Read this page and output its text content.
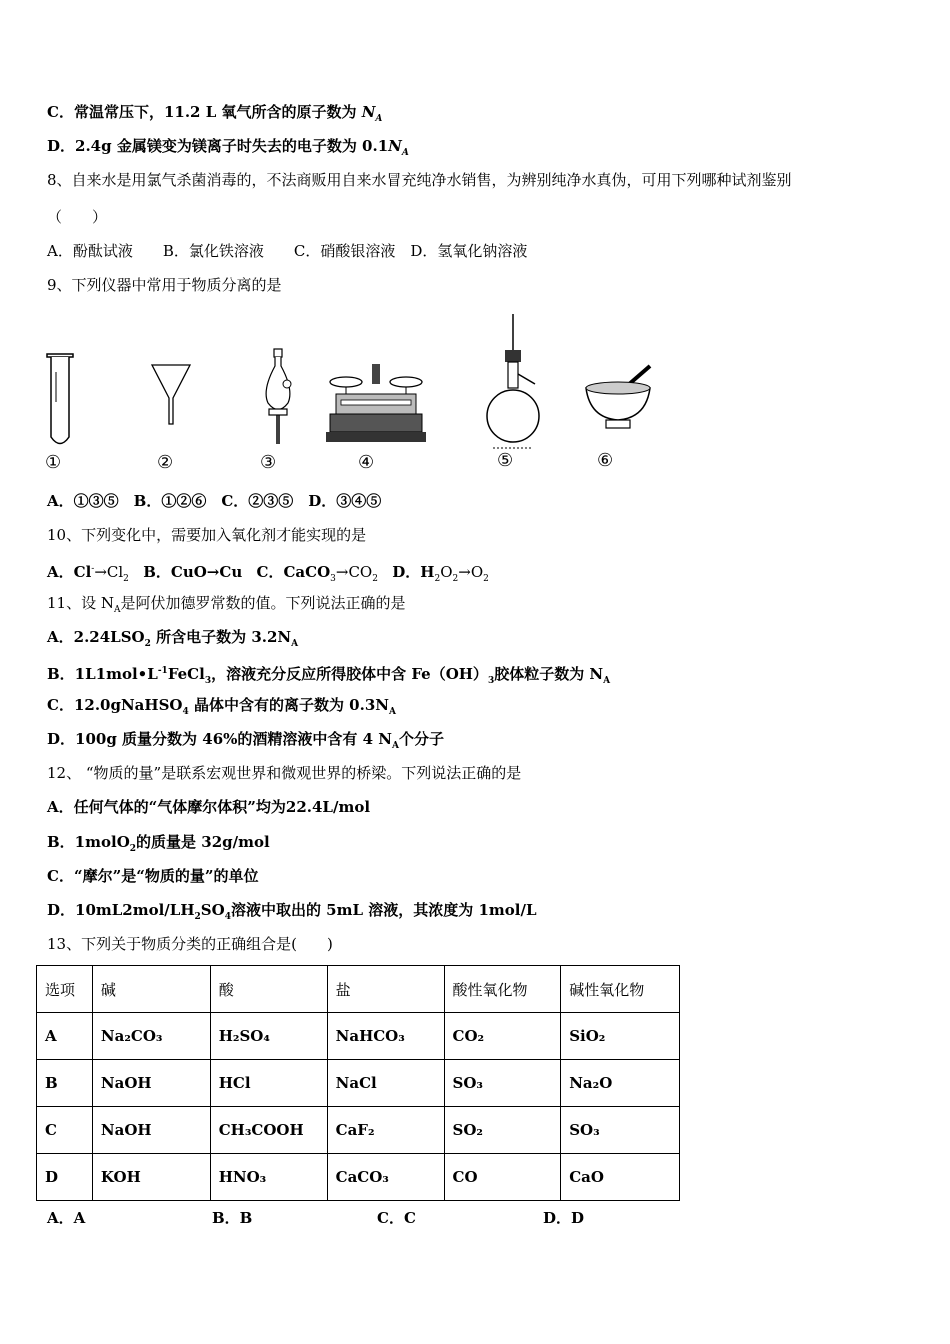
C．常温常压下，11.2 L 氧气所含的原子数为 $N_A$
D．2.4g 金属镁变为镁离子时失去的电子数为 $0.1N_A$
8、自来水是用氯气杀菌消毒的，不法商贩用自来水冒充纯净水销售，为辨别纯净水真伪，可用下列哪种试剂鉴别
（　　）
A．酚酞试液　　B．氯化铁溶液　　C．硝酸银溶液　D．氢氧化钠溶液
9、下列仪器中常用于物质分离的是
①	②	③	④	⑤	⑥
A．①③⑤　B．①②⑥　C．②③⑤　D．③④⑤
10、下列变化中，需要加入氧化剂才能实现的是
A．$Cl^-\to Cl_2$ B．CuO→Cu C．$CaCO_3\to CO_2$ D．$H_2O_2\to O_2$
11、设 $N_A$是阿伏加德罗常数的值。下列说法正确的是
A．$2.24LSO_2$ 所含电子数为 $3.2N_A$
B．$1L1mol•L^{-1}FeCl_3$，溶液充分反应所得胶体中含 $Fe(OH)_3$胶体粒子数为 $N_A$
C．12.0gNaHSO$_4$ 晶体中含有的离子数为 $0.3N_A$
D．100g 质量分数为 46%的酒精溶液中含有 4 $N_A$个分子
12、 “物质的量”是联系宏观世界和微观世界的桥梁。下列说法正确的是
A．任何气体的“气体摩尔体积”均为22.4L/mol
B．1molO$_2$的质量是 32g/mol
C．“摩尔”是“物质的量”的单位
D．$10mL2mol/LH_2SO_4$溶液中取出的 5mL 溶液，其浓度为 1mol/L
13、下列关于物质分类的正确组合是(　　)
选项	碱	酸	盐	酸性氧化物	碱性氧化物
A	Na₂CO₃	H₂SO₄	NaHCO₃	CO₂	SiO₂
B	NaOH	HCl	NaCl	SO₃	Na₂O
C	NaOH	CH₃COOH	CaF₂	SO₂	SO₃
D	KOH	HNO₃	CaCO₃	CO	CaO
A．A	B．B	C．C	D．D
